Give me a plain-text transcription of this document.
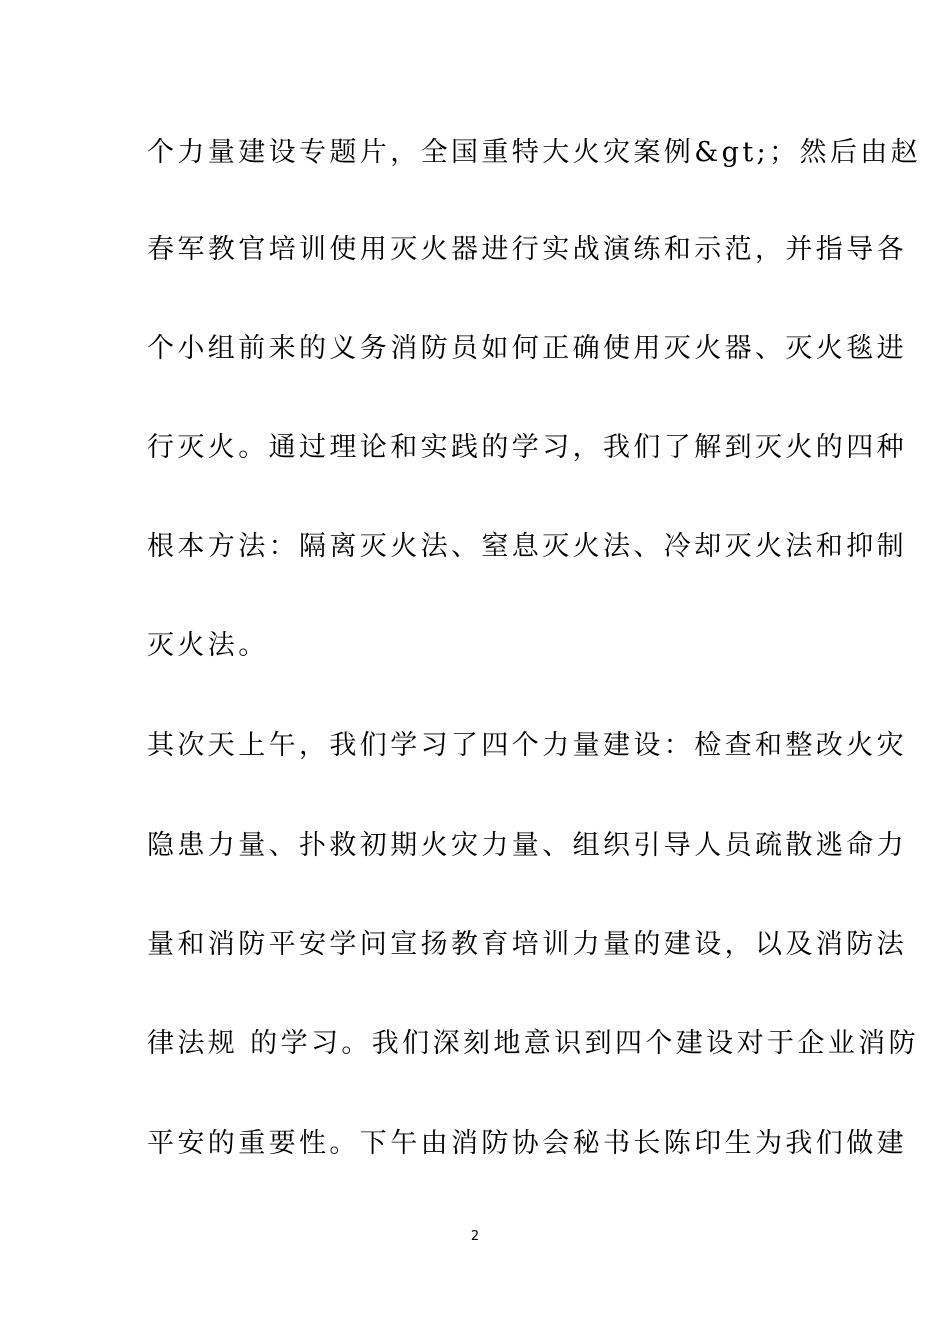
个力量建设专题片，全国重特大火灾案例&gt;；然后由赵
春军教官培训使用灭火器进行实战演练和示范，并指导各
个小组前来的义务消防员如何正确使用灭火器、灭火毯进
行灭火。通过理论和实践的学习，我们了解到灭火的四种
根本方法：隔离灭火法、窒息灭火法、冷却灭火法和抑制
灭火法。
其次天上午，我们学习了四个力量建设：检查和整改火灾
隐患力量、扑救初期火灾力量、组织引导人员疏散逃命力
量和消防平安学问宣扬教育培训力量的建设，以及消防法
律法规 的学习。我们深刻地意识到四个建设对于企业消防
平安的重要性。下午由消防协会秘书长陈印生为我们做建
2
